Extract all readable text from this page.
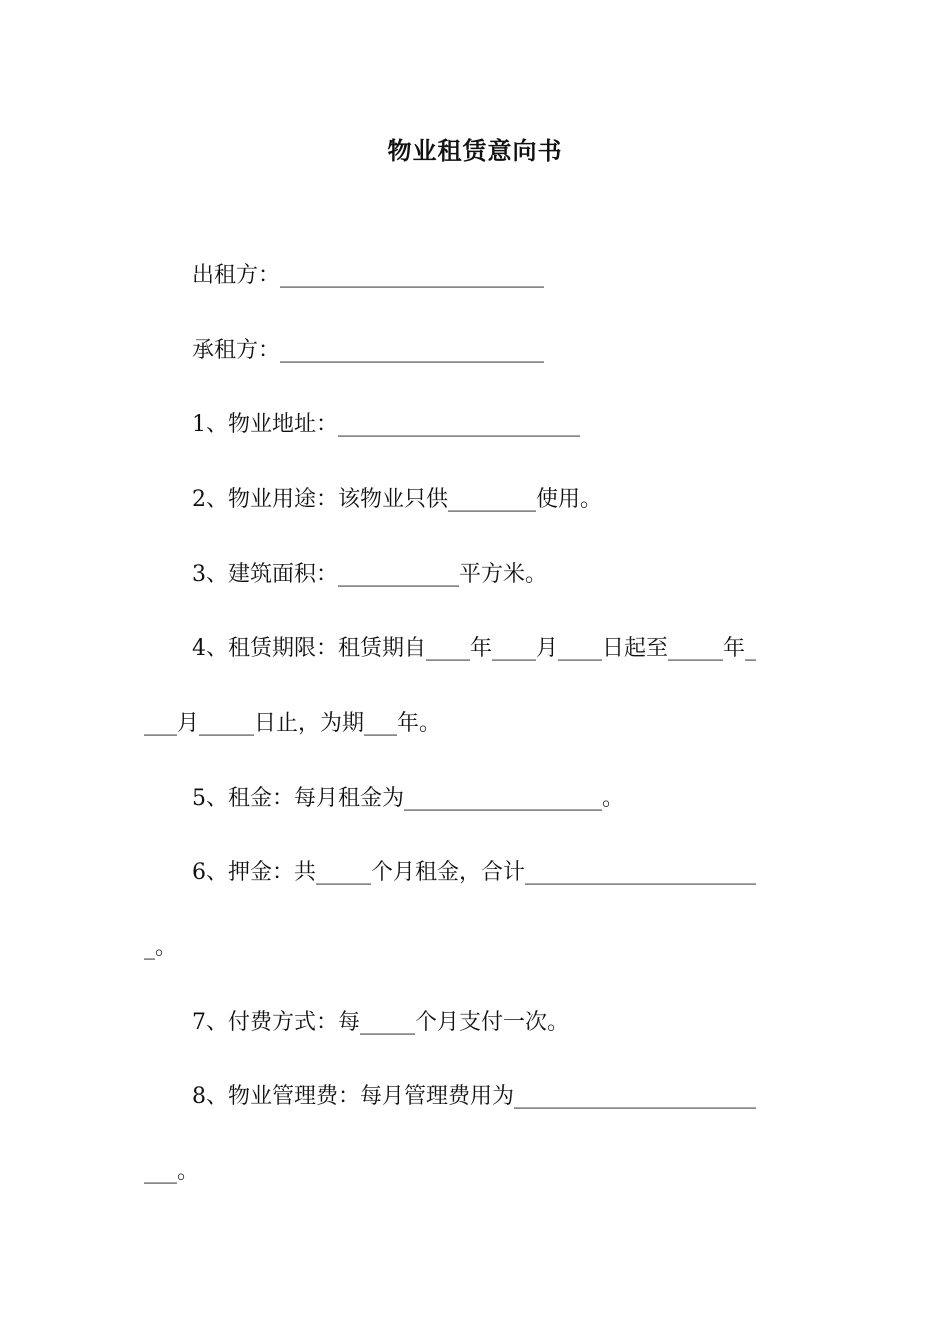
物业租赁意向书
出租方：________________________
承租方：________________________
1、物业地址：______________________
2、物业用途：该物业只供________使用。
3、建筑面积：___________平方米。
4、租赁期限：租赁期自____年____月____日起至_____年_
___月_____日止，为期___年。
5、租金：每月租金为__________________。
6、押金：共_____个月租金，合计_____________________
_。
7、付费方式：每_____个月支付一次。
8、物业管理费：每月管理费用为______________________
___。
